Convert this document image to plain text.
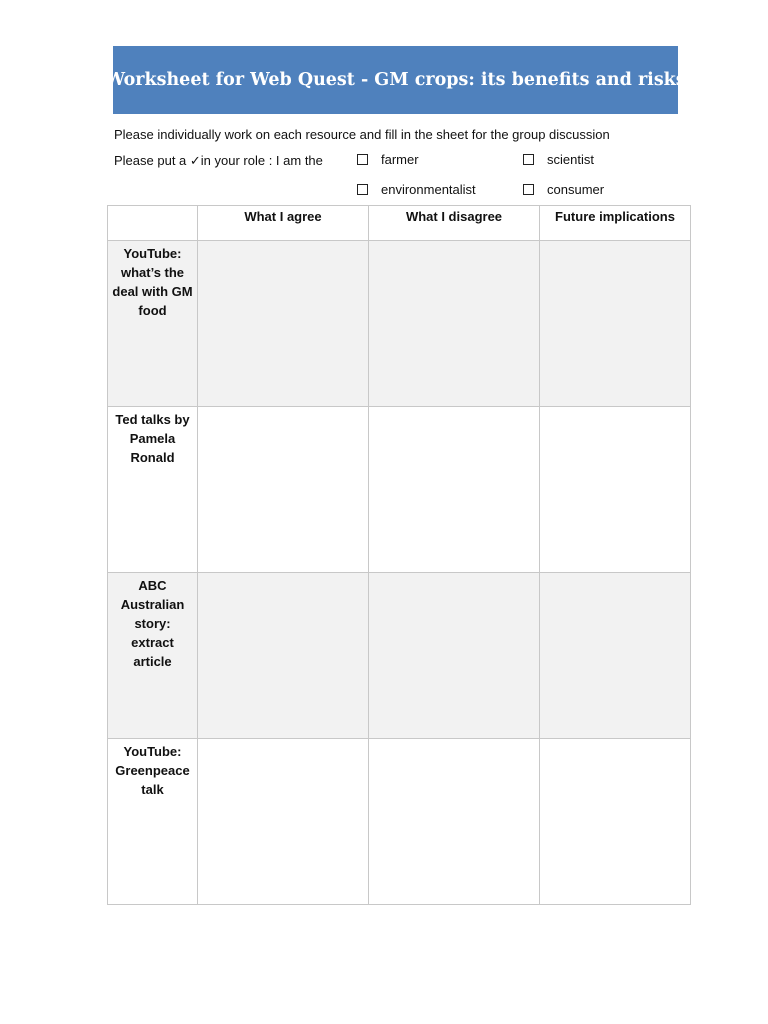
Worksheet for Web Quest - GM crops: its benefits and risks
Please individually work on each resource and fill in the sheet for the group discussion
Please put a ✓in your role : I am the	farmer	scientist
environmentalist	consumer
	What I agree	What I disagree	Future implications
YouTube: what’s the deal with GM food			
Ted talks by Pamela Ronald			
ABC Australian story: extract article			
YouTube: Greenpeace talk			
